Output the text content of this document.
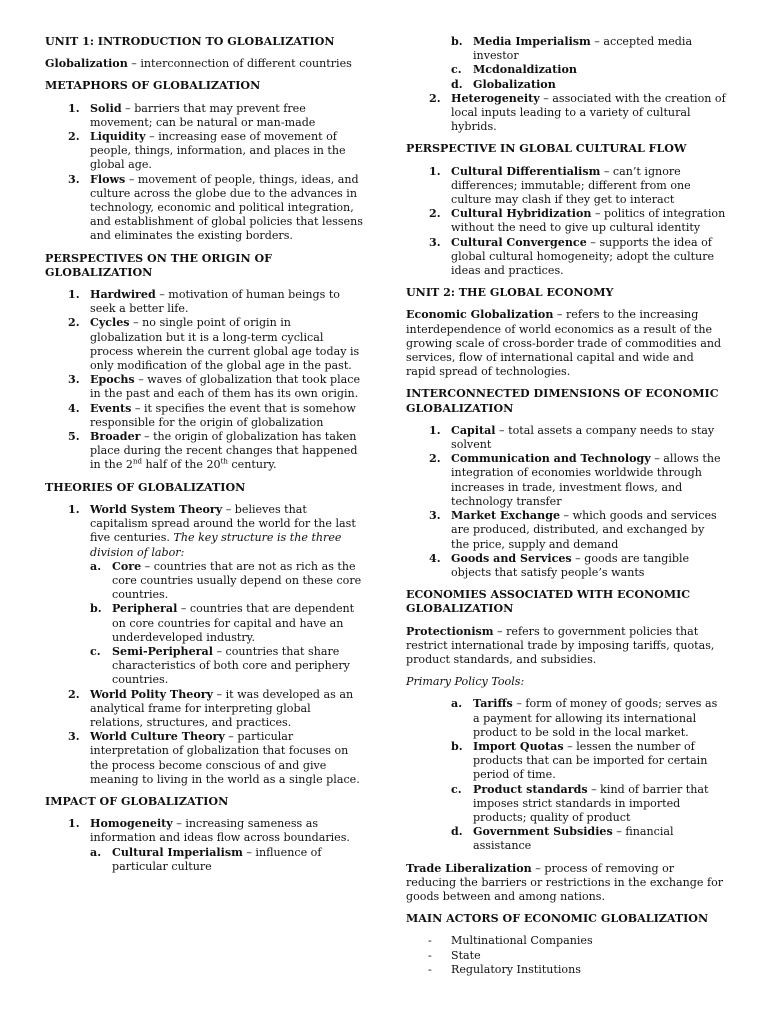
UNIT 1: INTRODUCTION TO GLOBALIZATION

Globalization – interconnection of different countries

METAPHORS OF GLOBALIZATION
1. Solid – barriers that may prevent free movement; can be natural or man-made
2. Liquidity – increasing ease of movement of people, things, information, and places in the global age.
3. Flows – movement of people, things, ideas, and culture across the globe due to the advances in technology, economic and political integration, and establishment of global policies that lessens and eliminates the existing borders.
PERSPECTIVES ON THE ORIGIN OF GLOBALIZATION
1. Hardwired – motivation of human beings to seek a better life.
2. Cycles – no single point of origin in globalization but it is a long-term cyclical process wherein the current global age today is only modification of the global age in the past.
3. Epochs – waves of globalization that took place in the past and each of them has its own origin.
4. Events – it specifies the event that is somehow responsible for the origin of globalization
5. Broader – the origin of globalization has taken place during the recent changes that happened in the 2nd half of the 20th century.
THEORIES OF GLOBALIZATION
1. World System Theory – believes that capitalism spread around the world for the last five centuries. The key structure is the three division of labor:
a. Core – countries that are not as rich as the core countries usually depend on these core countries.
b. Peripheral – countries that are dependent on core countries for capital and have an underdeveloped industry.
c. Semi-Peripheral – countries that share characteristics of both core and periphery countries.
2. World Polity Theory – it was developed as an analytical frame for interpreting global relations, structures, and practices.
3. World Culture Theory – particular interpretation of globalization that focuses on the process become conscious of and give meaning to living in the world as a single place.
IMPACT OF GLOBALIZATION
1. Homogeneity – increasing sameness as information and ideas flow across boundaries.
a. Cultural Imperialism – influence of particular culture
b. Media Imperialism – accepted media investor
c. Mcdonaldization
d. Globalization
2. Heterogeneity – associated with the creation of local inputs leading to a variety of cultural hybrids.
PERSPECTIVE IN GLOBAL CULTURAL FLOW
1. Cultural Differentialism – can’t ignore differences; immutable; different from one culture may clash if they get to interact
2. Cultural Hybridization – politics of integration without the need to give up cultural identity
3. Cultural Convergence – supports the idea of global cultural homogeneity; adopt the culture ideas and practices.
UNIT 2: THE GLOBAL ECONOMY

Economic Globalization – refers to the increasing interdependence of world economics as a result of the growing scale of cross-border trade of commodities and services, flow of international capital and wide and rapid spread of technologies.

INTERCONNECTED DIMENSIONS OF ECONOMIC GLOBALIZATION
1. Capital – total assets a company needs to stay solvent
2. Communication and Technology – allows the integration of economies worldwide through increases in trade, investment flows, and technology transfer
3. Market Exchange – which goods and services are produced, distributed, and exchanged by the price, supply and demand
4. Goods and Services – goods are tangible objects that satisfy people’s wants
ECONOMIES ASSOCIATED WITH ECONOMIC GLOBALIZATION

Protectionism – refers to government policies that restrict international trade by imposing tariffs, quotas, product standards, and subsidies.

Primary Policy Tools:

a. Tariffs – form of money of goods; serves as a payment for allowing its international product to be sold in the local market.
b. Import Quotas – lessen the number of products that can be imported for certain period of time.
c. Product standards – kind of barrier that imposes strict standards in imported products; quality of product
d. Government Subsidies – financial assistance

Trade Liberalization – process of removing or reducing the barriers or restrictions in the exchange for goods between and among nations.

MAIN ACTORS OF ECONOMIC GLOBALIZATION
- Multinational Companies
- State
- Regulatory Institutions
